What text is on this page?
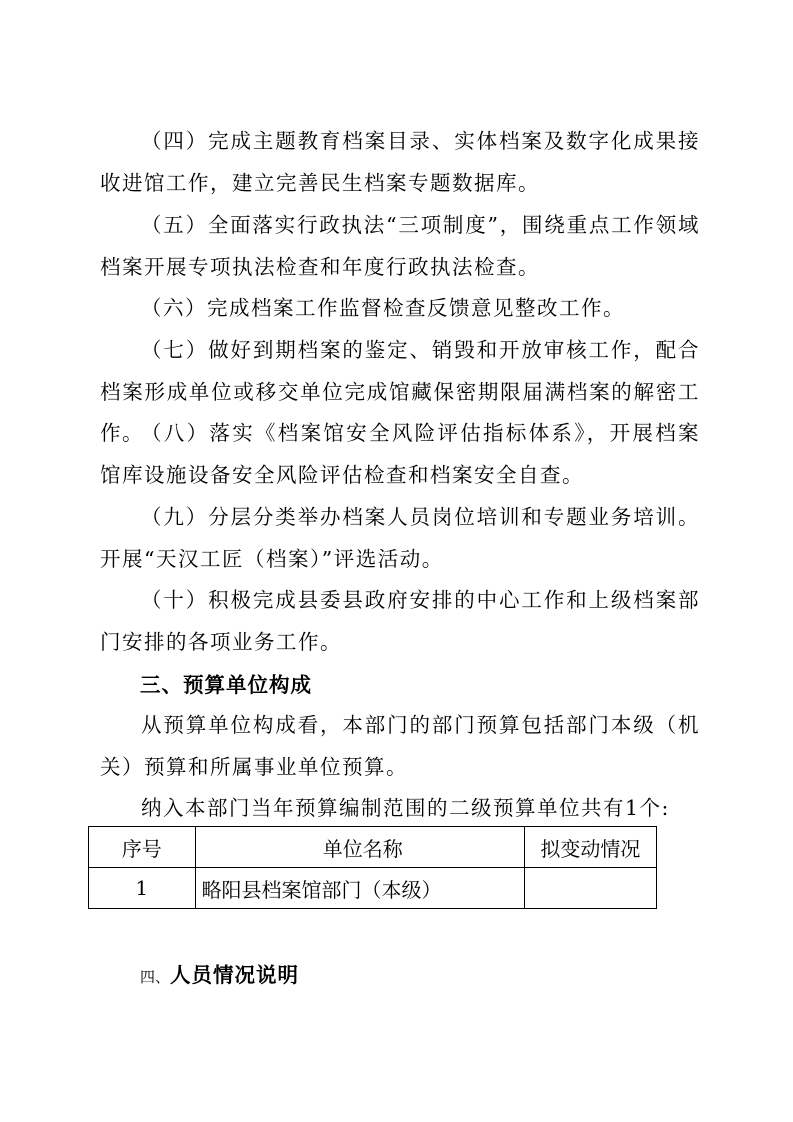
（四）完成主题教育档案目录、实体档案及数字化成果接收进馆工作，建立完善民生档案专题数据库。

（五）全面落实行政执法“三项制度”，围绕重点工作领域档案开展专项执法检查和年度行政执法检查。

（六）完成档案工作监督检查反馈意见整改工作。

（七）做好到期档案的鉴定、销毁和开放审核工作，配合档案形成单位或移交单位完成馆藏保密期限届满档案的解密工作。

（八）落实《档案馆安全风险评估指标体系》，开展档案馆库设施设备安全风险评估检查和档案安全自查。

（九）分层分类举办档案人员岗位培训和专题业务培训。开展“天汉工匠（档案）”评选活动。

（十）积极完成县委县政府安排的中心工作和上级档案部门安排的各项业务工作。

三、预算单位构成

从预算单位构成看，本部门的部门预算包括部门本级（机关）预算和所属事业单位预算。

纳入本部门当年预算编制范围的二级预算单位共有1个:

序号	单位名称	拟变动情况
1	略阳县档案馆部门（本级）	
四、人员情况说明
